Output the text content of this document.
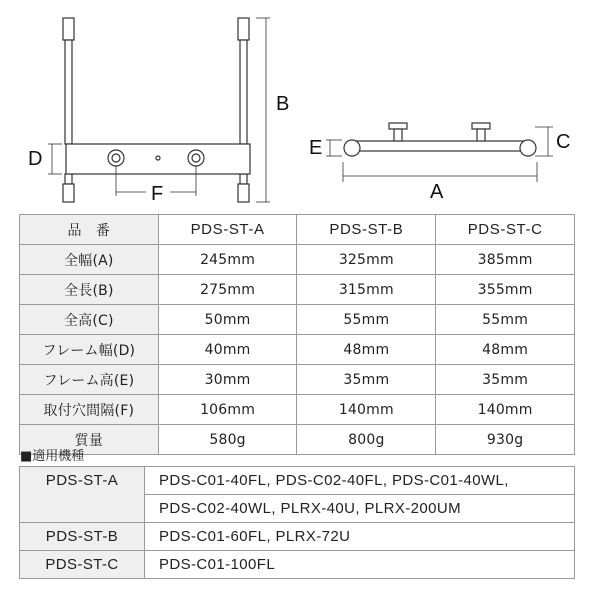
B
D
F
C
E
A
品　番	PDS-ST-A	PDS-ST-B	PDS-ST-C
全幅(A)	245mm	325mm	385mm
全長(B)	275mm	315mm	355mm
全高(C)	50mm	55mm	55mm
フレーム幅(D)	40mm	48mm	48mm
フレーム高(E)	30mm	35mm	35mm
取付穴間隔(F)	106mm	140mm	140mm
質量	580g	800g	930g
■適用機種
PDS-ST-A	PDS-C01-40FL, PDS-C02-40FL, PDS-C01-40WL,
	PDS-C02-40WL, PLRX-40U, PLRX-200UM
PDS-ST-B	PDS-C01-60FL, PLRX-72U
PDS-ST-C	PDS-C01-100FL
